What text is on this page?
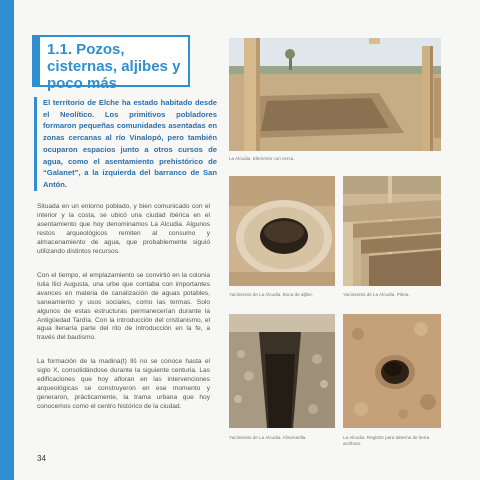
1.1. Pozos, cisternas, aljibes y poco más

El territorio de Elche ha estado habitado desde el Neolítico. Los primitivos pobladores formaron pequeñas comunidades asentadas en zonas cercanas al río Vinalopó, pero también ocuparon espacios junto a otros cursos de agua, como el asentamiento prehistórico de “Galanet”, a la izquierda del barranco de San Antón.

Situada en un entorno poblado, y bien comunicado con el interior y la costa, se ubicó una ciudad ibérica en el asentamiento que hoy denominamos La Alcudia. Algunos restos arqueológicos remiten al consumo y almacenamiento de agua, que probablemente siguió utilizando distintos recursos.

Con el tiempo, el emplazamiento se convirtió en la colonia Iulia Ilici Augusta, una urbe que contaba con importantes avances en materia de canalización de aguas potables, saneamiento y usos sociales, como las termas. Solo algunos de estas estructuras permanecerían durante la Antigüedad Tardía. Con la introducción del cristianismo, el agua llenaría parte del rito de introducción en la fe, a través del bautismo.

La formación de la madina(t) Ilš no se conoce hasta el siglo X, consolidándose durante la siguiente centuria. Las edificaciones que hoy afloran en las intervenciones arqueológicas se construyeron en ese momento y generaron, prácticamente, la trama urbana que hoy conocemos como el centro histórico de la ciudad.

34

La Alcudia. Elemento con cerca.

Yacimiento de La Alcudia. Boca de aljibe.	Yacimiento de La Alcudia. Pileta.

Yacimiento de La Alcudia. Almenarilla.	La Alcudia. Registro para taberna de tierra arcillosa.
